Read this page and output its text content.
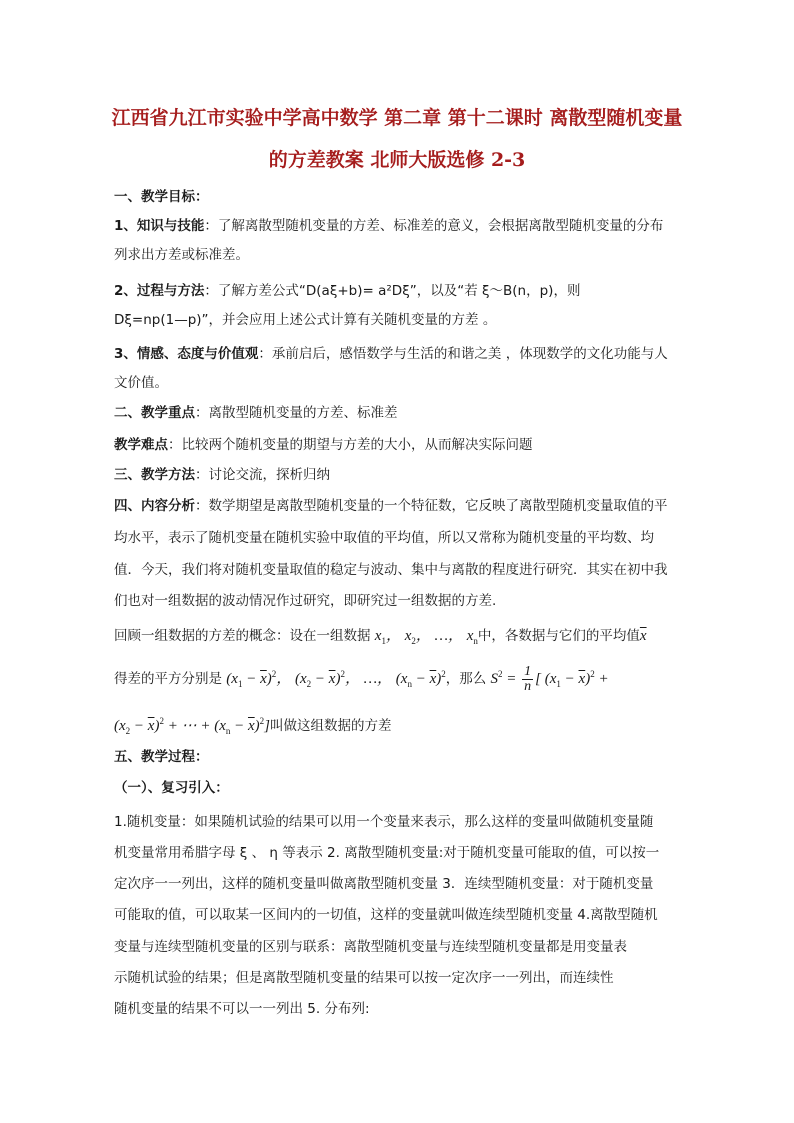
江西省九江市实验中学高中数学 第二章 第十二课时 离散型随机变量
的方差教案 北师大版选修 2-3
一、教学目标：
1、知识与技能：了解离散型随机变量的方差、标准差的意义，会根据离散型随机变量的分布
列求出方差或标准差。
2、过程与方法：了解方差公式“D(aξ+b)= a²Dξ”，以及“若 ξ～B(n，p)，则
Dξ=np(1—p)”，并会应用上述公式计算有关随机变量的方差 。
3、情感、态度与价值观：承前启后，感悟数学与生活的和谐之美 ，体现数学的文化功能与人
文价值。
二、教学重点：离散型随机变量的方差、标准差
教学难点：比较两个随机变量的期望与方差的大小，从而解决实际问题
三、教学方法：讨论交流，探析归纳
四、内容分析：数学期望是离散型随机变量的一个特征数，它反映了离散型随机变量取值的平
均水平，表示了随机变量在随机实验中取值的平均值，所以又常称为随机变量的平均数、均
值．今天，我们将对随机变量取值的稳定与波动、集中与离散的程度进行研究．其实在初中我
们也对一组数据的波动情况作过研究，即研究过一组数据的方差.
回顾一组数据的方差的概念：设在一组数据 $x_1$， $x_2$， …， $x_n$中，各数据与它们的平均值$\overline{x}$
得差的平方分别是 $(x_1 - \overline{x})^2$， $(x_2 - \overline{x})^2$， …， $(x_n - \overline{x})^2$，那么 $S^2 = \frac{1}{n}$ [ $(x_1 - \overline{x})^2$ +
$(x_2 - \overline{x})^2$ + ⋯ + $(x_n - \overline{x})^2$]叫做这组数据的方差
五、教学过程：
（一）、复习引入：
1.随机变量：如果随机试验的结果可以用一个变量来表示，那么这样的变量叫做随机变量随
机变量常用希腊字母 ξ 、 η 等表示 2. 离散型随机变量:对于随机变量可能取的值，可以按一
定次序一一列出，这样的随机变量叫做离散型随机变量 3．连续型随机变量：对于随机变量
可能取的值，可以取某一区间内的一切值，这样的变量就叫做连续型随机变量 4.离散型随机
变量与连续型随机变量的区别与联系：离散型随机变量与连续型随机变量都是用变量表
示随机试验的结果；但是离散型随机变量的结果可以按一定次序一一列出，而连续性
随机变量的结果不可以一一列出 5. 分布列:
